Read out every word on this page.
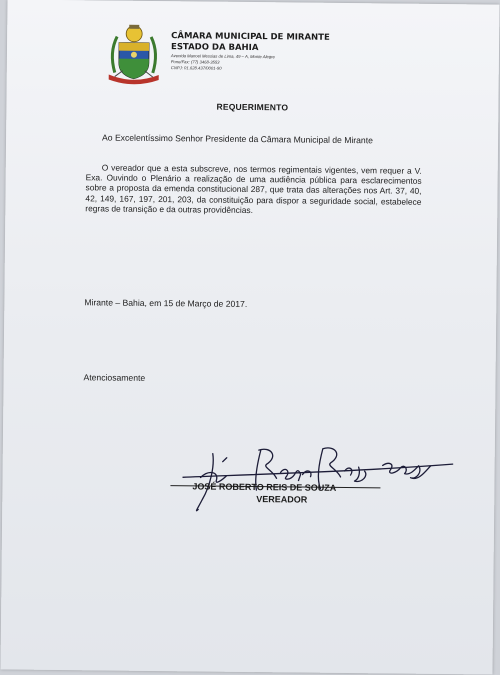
CÂMARA MUNICIPAL DE MIRANTE
ESTADO DA BAHIA
Avenida Manoel Messias de Lima, 49 – A, Monte Alegre
Fone/Fax: (77) 3468-3553
CNPJ: 01.628.437/0001-90
REQUERIMENTO
Ao Excelentíssimo Senhor Presidente da Câmara Municipal de Mirante

O vereador que a esta subscreve, nos termos regimentais vigentes, vem requer a V. Exa. Ouvindo o Plenário a realização de uma audiência pública para esclarecimentos sobre a proposta da emenda constitucional 287, que trata das alterações nos Art. 37, 40, 42, 149, 167, 197, 201, 203, da constituição para dispor a seguridade social, estabelece regras de transição e da outras providências.

Mirante – Bahia, em 15 de Março de 2017.
Atenciosamente
JOSÉ ROBERTO REIS DE SOUZA
VEREADOR
